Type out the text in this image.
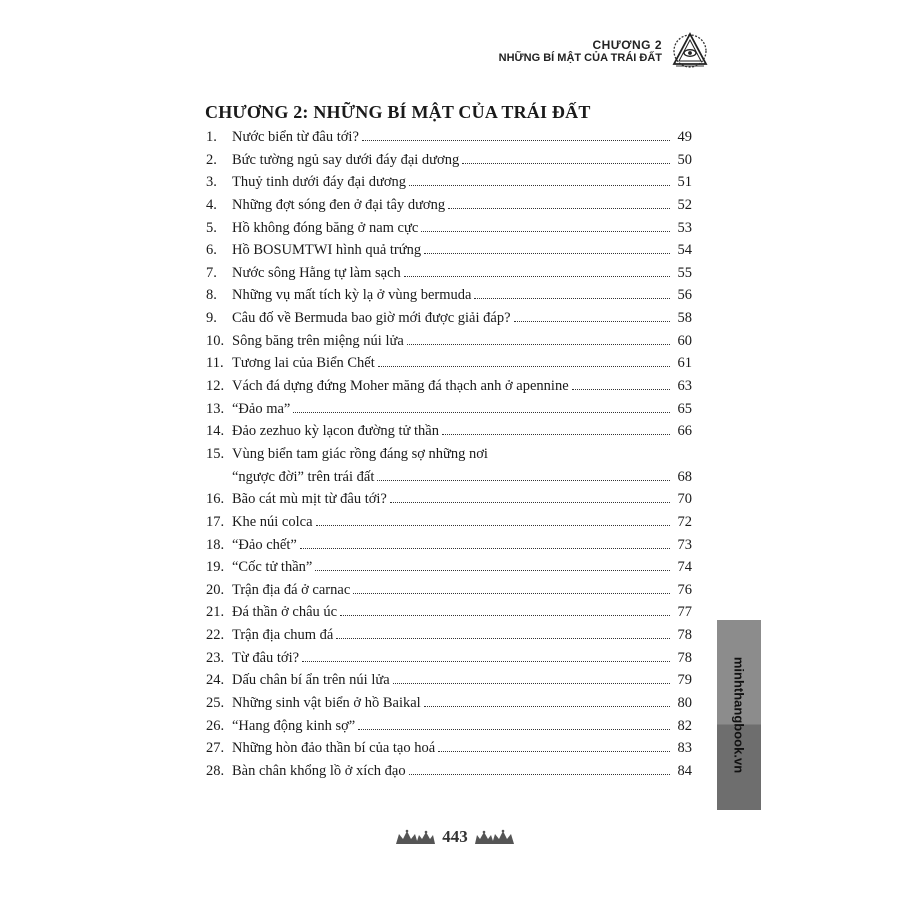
CHƯƠNG 2
NHỮNG BÍ MẬT CỦA TRÁI ĐẤT
CHƯƠNG 2: NHỮNG BÍ MẬT CỦA TRÁI ĐẤT
1.	Nước biển từ đâu tới?	49
2.	Bức tường ngủ say dưới đáy đại dương	50
3.	Thuỷ tinh dưới đáy đại dương	51
4.	Những đợt sóng đen ở đại tây dương	52
5.	Hồ không đóng băng ở nam cực	53
6.	Hồ BOSUMTWI hình quả trứng	54
7.	Nước sông Hằng tự làm sạch	55
8.	Những vụ mất tích kỳ lạ ở vùng bermuda	56
9.	Câu đố về Bermuda bao giờ mới được giải đáp?	58
10. Sông băng trên miệng núi lửa	60
11. Tương lai của Biển Chết	61
12. Vách đá dựng đứng Moher măng đá thạch anh ở apennine	63
13. “Đảo ma”	65
14. Đảo zezhuo kỳ lạcon đường tử thần	66
15. Vùng biển tam giác rồng đáng sợ những nơi
“ngược đời” trên trái đất	68
16. Bão cát mù mịt từ đâu tới?	70
17. Khe núi colca	72
18. “Đảo chết”	73
19. “Cốc tử thần”	74
20. Trận địa đá ở carnac	76
21. Đá thần ở châu úc	77
22. Trận địa chum đá	78
23. Từ đâu tới?	78
24. Dấu chân bí ẩn trên núi lửa	79
25. Những sinh vật biển ở hồ Baikal	80
26. “Hang động kinh sợ”	82
27. Những hòn đảo thần bí của tạo hoá	83
28. Bàn chân khổng lồ ở xích đạo	84	minhthangbook.vn
443
